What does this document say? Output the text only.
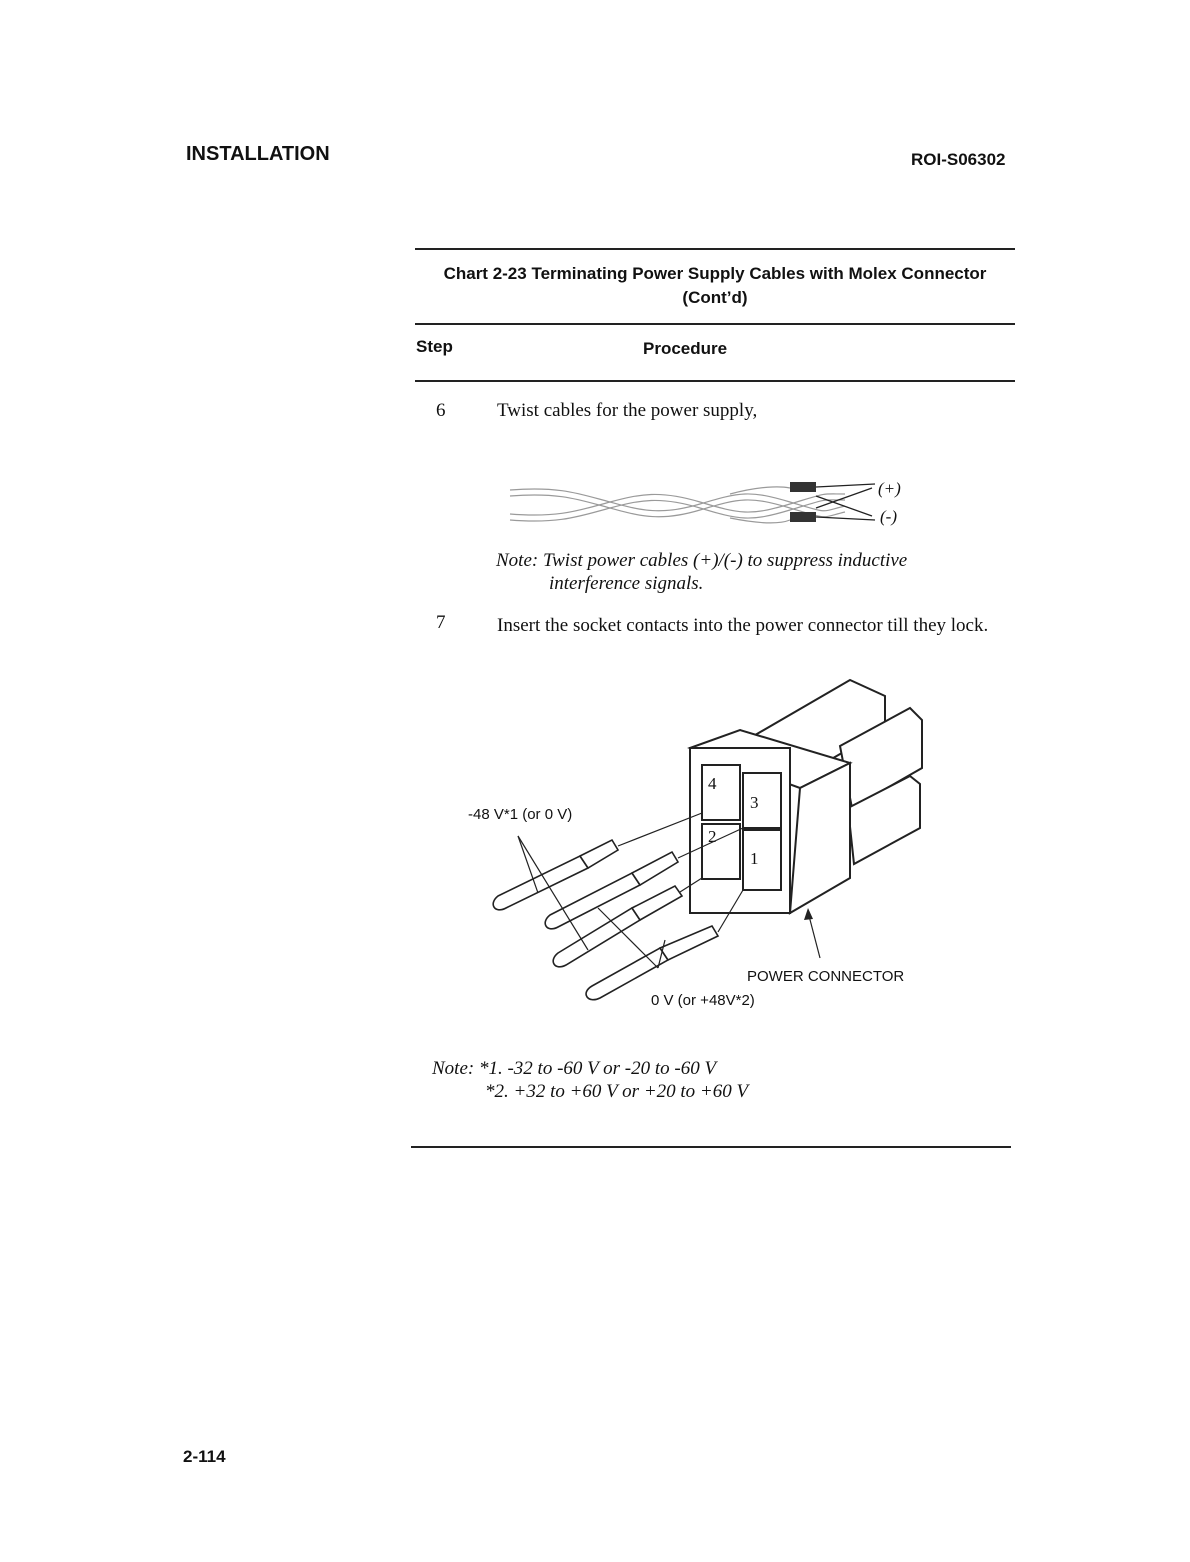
INSTALLATION	ROI-S06302
Chart 2-23 Terminating Power Supply Cables with Molex Connector
(Cont’d)
Step	Procedure
6	Twist cables for the power supply,
(+)
(-)
Note: Twist power cables (+)/(-) to suppress inductive
interference signals.
7	Insert the socket contacts into the power connector till they lock.
4
3
2
1
-48 V*1 (or 0 V)
POWER CONNECTOR
0 V (or +48V*2)
Note: *1. -32 to -60 V or -20 to -60 V
*2. +32 to +60 V or +20 to +60 V
2-114
